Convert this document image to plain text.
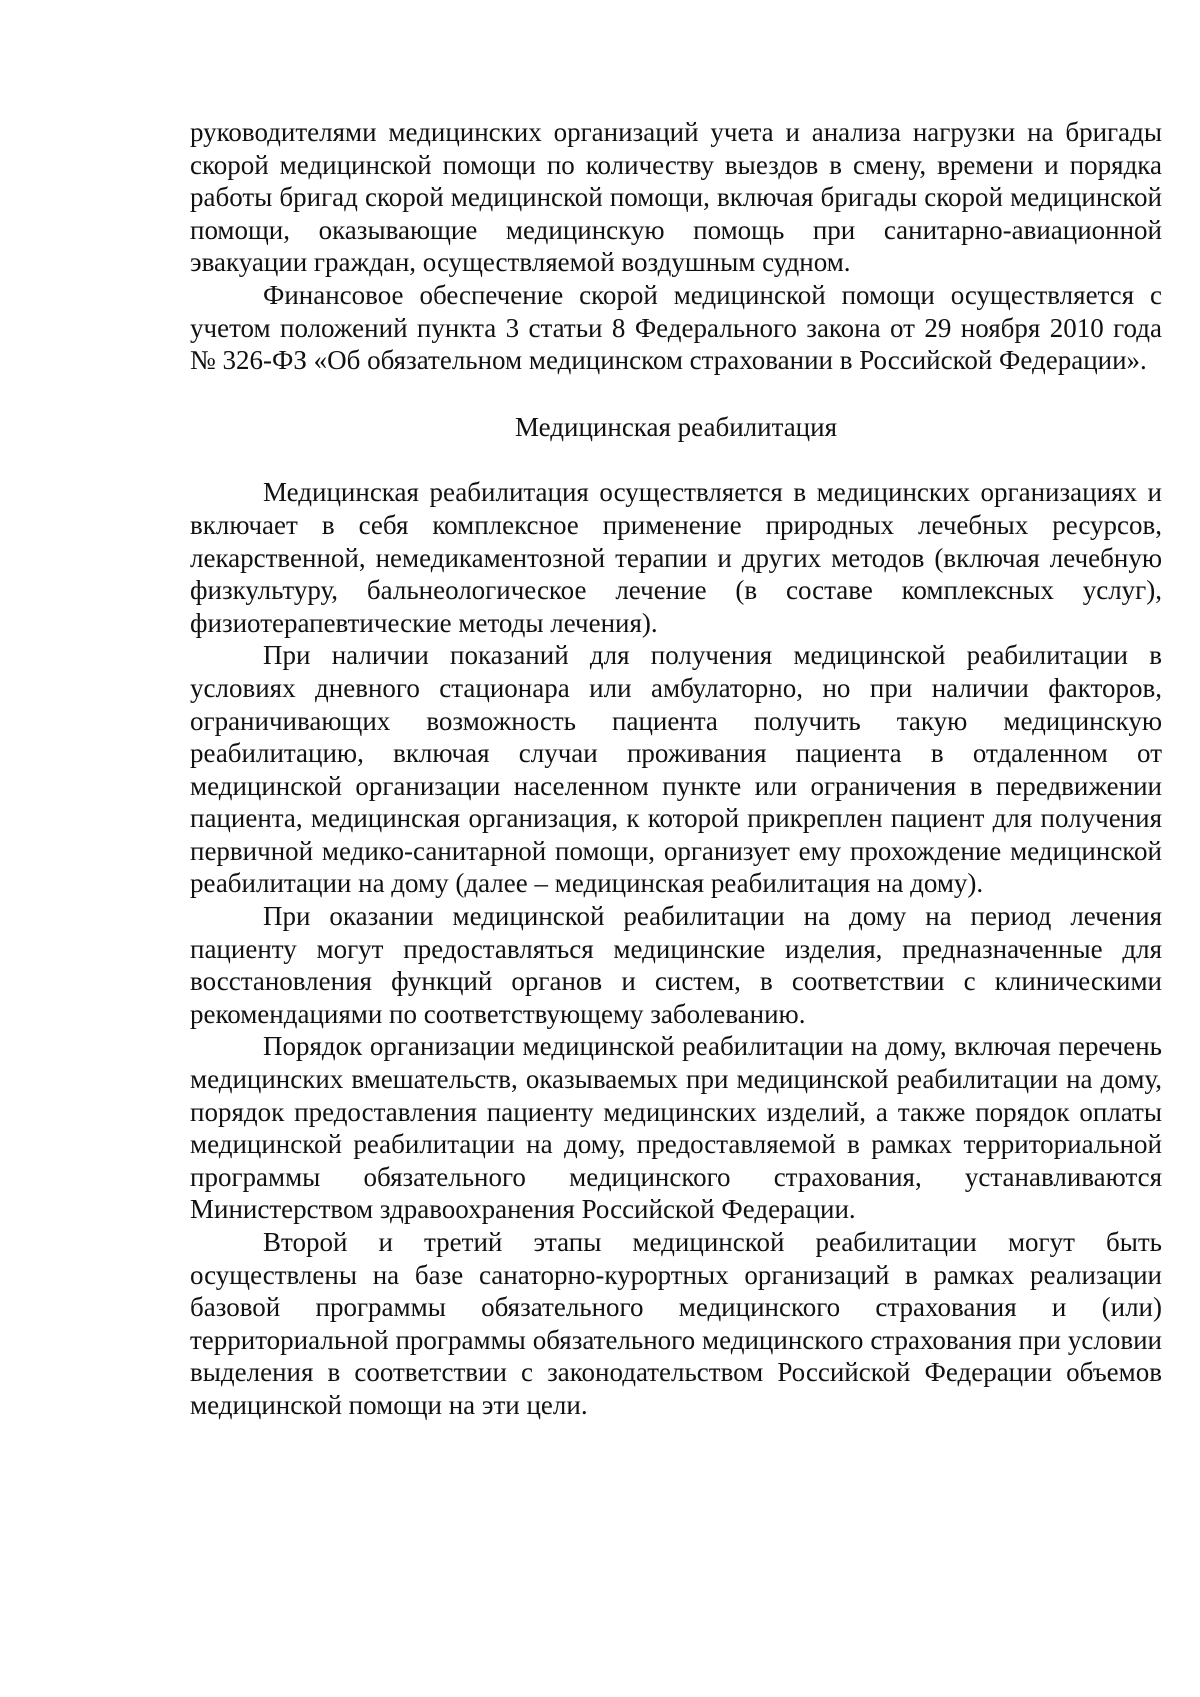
руководителями медицинских организаций учета и анализа нагрузки на бригады скорой медицинской помощи по количеству выездов в смену, времени и порядка работы бригад скорой медицинской помощи, включая бригады скорой медицинской помощи, оказывающие медицинскую помощь при санитарно-авиационной эвакуации граждан, осуществляемой воздушным судном.

Финансовое обеспечение скорой медицинской помощи осуществляется с учетом положений пункта 3 статьи 8 Федерального закона от 29 ноября 2010 года № 326-ФЗ «Об обязательном медицинском страховании в Российской Федерации».

Медицинская реабилитация

Медицинская реабилитация осуществляется в медицинских организациях и включает в себя комплексное применение природных лечебных ресурсов, лекарственной, немедикаментозной терапии и других методов (включая лечебную физкультуру, бальнеологическое лечение (в составе комплексных услуг), физиотерапевтические методы лечения).

При наличии показаний для получения медицинской реабилитации в условиях дневного стационара или амбулаторно, но при наличии факторов, ограничивающих возможность пациента получить такую медицинскую реабилитацию, включая случаи проживания пациента в отдаленном от медицинской организации населенном пункте или ограничения в передвижении пациента, медицинская организация, к которой прикреплен пациент для получения первичной медико-санитарной помощи, организует ему прохождение медицинской реабилитации на дому (далее – медицинская реабилитация на дому).

При оказании медицинской реабилитации на дому на период лечения пациенту могут предоставляться медицинские изделия, предназначенные для восстановления функций органов и систем, в соответствии с клиническими рекомендациями по соответствующему заболеванию.

Порядок организации медицинской реабилитации на дому, включая перечень медицинских вмешательств, оказываемых при медицинской реабилитации на дому, порядок предоставления пациенту медицинских изделий, а также порядок оплаты медицинской реабилитации на дому, предоставляемой в рамках территориальной программы обязательного медицинского страхования, устанавливаются Министерством здравоохранения Российской Федерации.

Второй и третий этапы медицинской реабилитации могут быть осуществлены на базе санаторно-курортных организаций в рамках реализации базовой программы обязательного медицинского страхования и (или) территориальной программы обязательного медицинского страхования при условии выделения в соответствии с законодательством Российской Федерации объемов медицинской помощи на эти цели.
